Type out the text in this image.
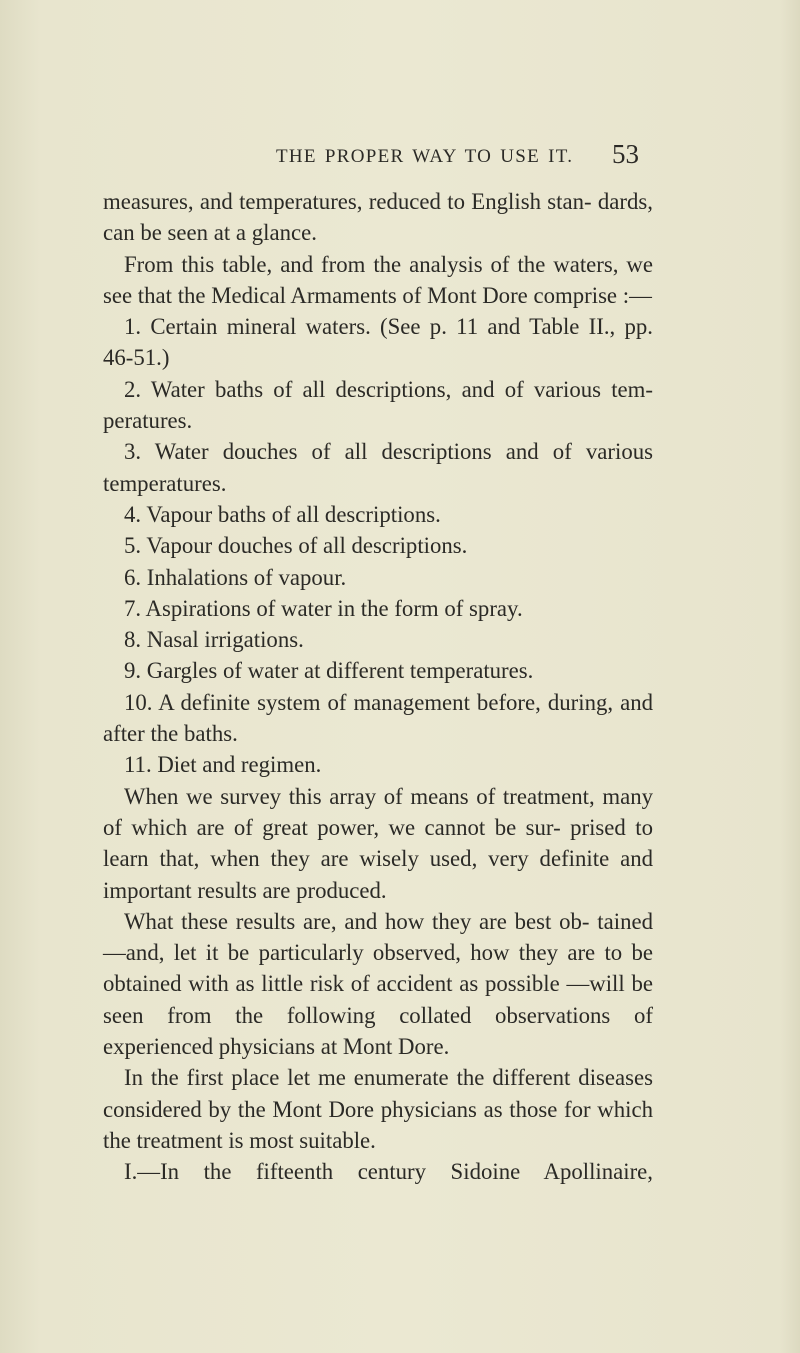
THE PROPER WAY TO USE IT. 53

measures, and temperatures, reduced to English stan- dards, can be seen at a glance.

From this table, and from the analysis of the waters, we see that the Medical Armaments of Mont Dore comprise :—

1. Certain mineral waters. (See p. 11 and Table II., pp. 46-51.)

2. Water baths of all descriptions, and of various tem- peratures.

3. Water douches of all descriptions and of various temperatures.

4. Vapour baths of all descriptions.

5. Vapour douches of all descriptions.

6. Inhalations of vapour.

7. Aspirations of water in the form of spray.

8. Nasal irrigations.

9. Gargles of water at different temperatures.

10. A definite system of management before, during, and after the baths.

11. Diet and regimen.

When we survey this array of means of treatment, many of which are of great power, we cannot be sur- prised to learn that, when they are wisely used, very definite and important results are produced.

What these results are, and how they are best ob- tained—and, let it be particularly observed, how they are to be obtained with as little risk of accident as possible —will be seen from the following collated observations of experienced physicians at Mont Dore.

In the first place let me enumerate the different diseases considered by the Mont Dore physicians as those for which the treatment is most suitable.

I.—In the fifteenth century Sidoine Apollinaire,
